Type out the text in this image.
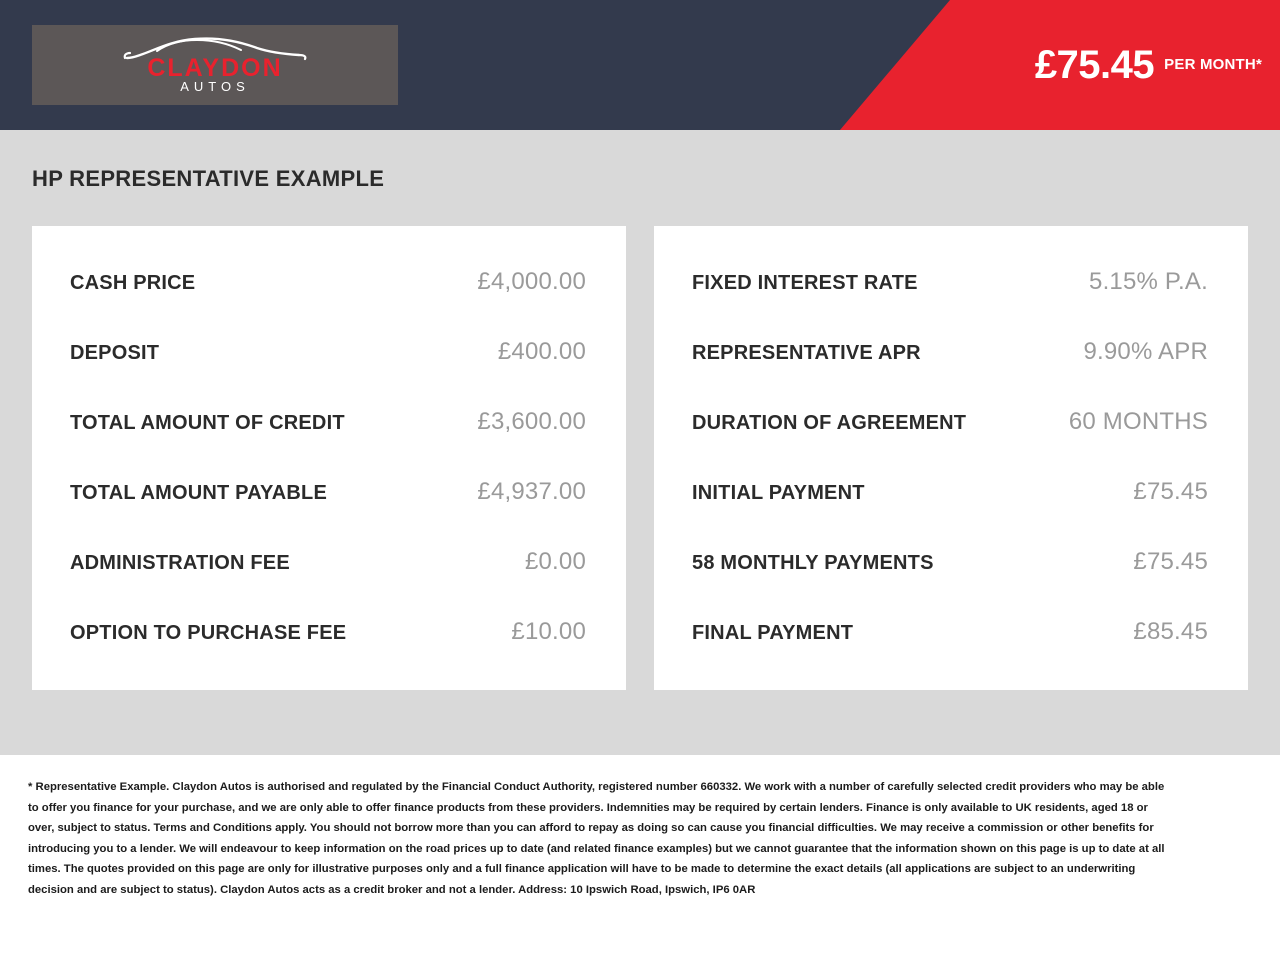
CLAYDON
AUTOS	£75.45 PER MONTH*
HP REPRESENTATIVE EXAMPLE
CASH PRICE	£4,000.00
DEPOSIT	£400.00
TOTAL AMOUNT OF CREDIT	£3,600.00
TOTAL AMOUNT PAYABLE	£4,937.00
ADMINISTRATION FEE	£0.00
OPTION TO PURCHASE FEE	£10.00
FIXED INTEREST RATE	5.15% P.A.
REPRESENTATIVE APR	9.90% APR
DURATION OF AGREEMENT	60 MONTHS
INITIAL PAYMENT	£75.45
58 MONTHLY PAYMENTS	£75.45
FINAL PAYMENT	£85.45

* Representative Example. Claydon Autos is authorised and regulated by the Financial Conduct Authority, registered number 660332. We work with a number of carefully selected credit providers who may be able to offer you finance for your purchase, and we are only able to offer finance products from these providers. Indemnities may be required by certain lenders. Finance is only available to UK residents, aged 18 or over, subject to status. Terms and Conditions apply. You should not borrow more than you can afford to repay as doing so can cause you financial difficulties. We may receive a commission or other benefits for introducing you to a lender. We will endeavour to keep information on the road prices up to date (and related finance examples) but we cannot guarantee that the information shown on this page is up to date at all times. The quotes provided on this page are only for illustrative purposes only and a full finance application will have to be made to determine the exact details (all applications are subject to an underwriting decision and are subject to status). Claydon Autos acts as a credit broker and not a lender. Address: 10 Ipswich Road, Ipswich, IP6 0AR
